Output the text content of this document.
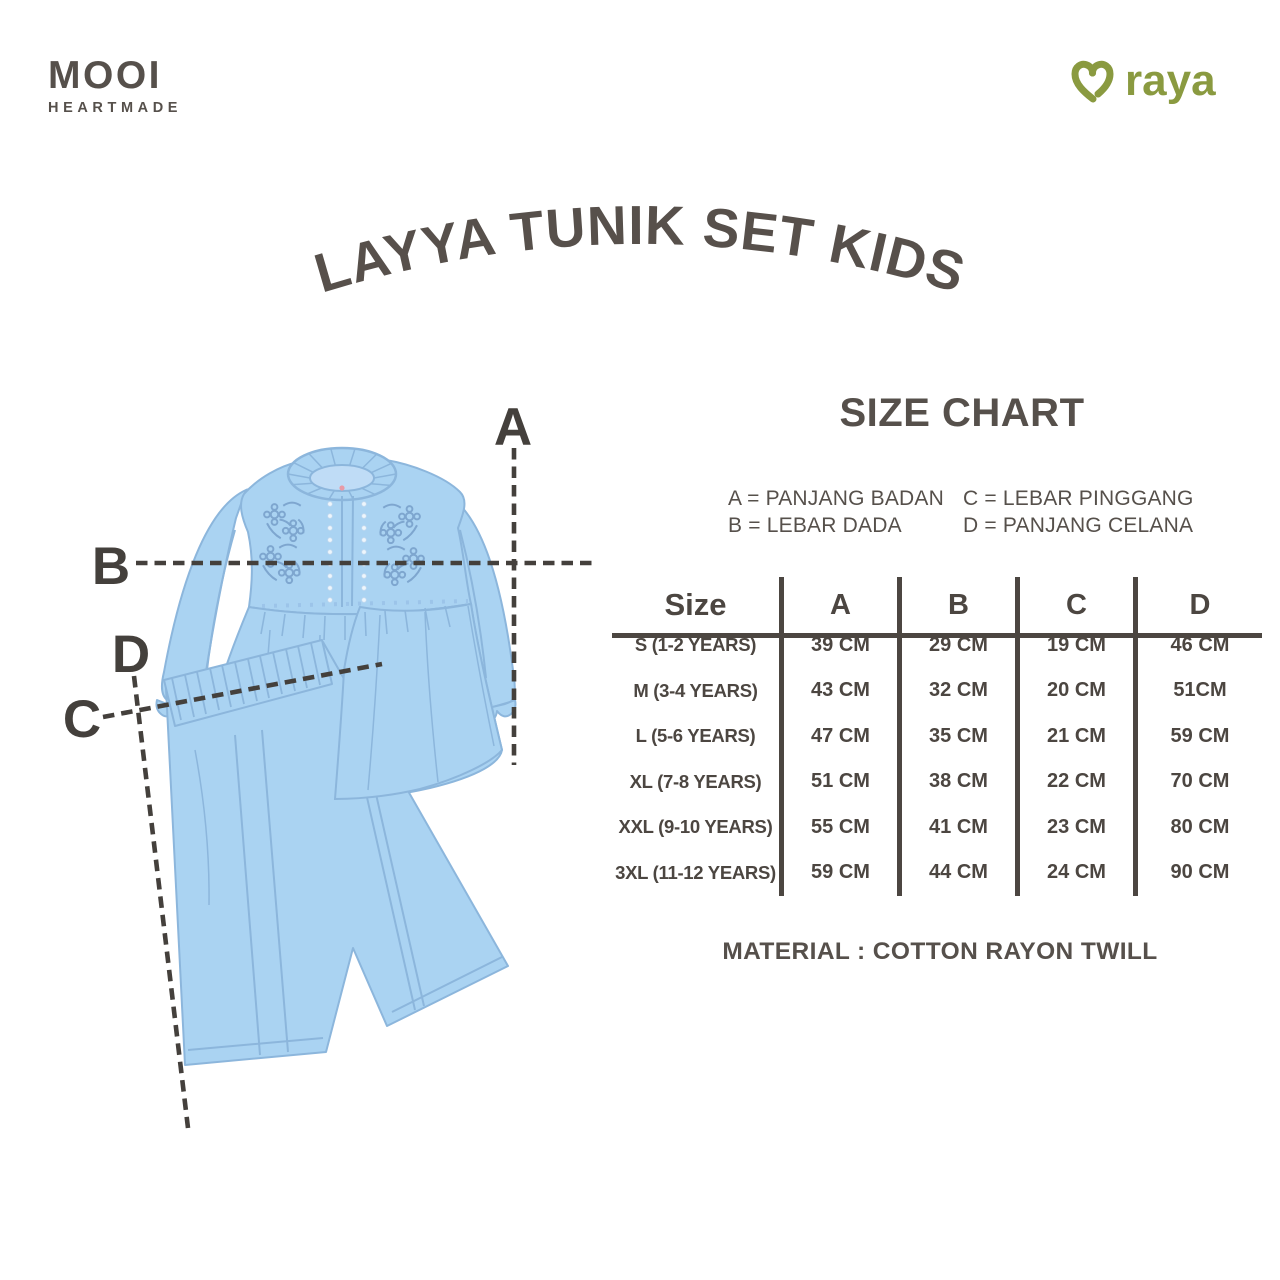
MOOI
HEARTMADE
raya
LAYYA TUNIK SET KIDS
SIZE CHART
A = PANJANG BADAN
B = LEBAR DADA
C = LEBAR PINGGANG
D = PANJANG CELANA
Size	A	B	C	D
S (1-2 YEARS)	39 CM	29 CM	19 CM	46 CM
M (3-4 YEARS)	43 CM	32 CM	20 CM	51CM
L (5-6 YEARS)	47 CM	35 CM	21 CM	59 CM
XL (7-8 YEARS)	51 CM	38 CM	22 CM	70 CM
XXL (9-10 YEARS)	55 CM	41 CM	23 CM	80 CM
3XL (11-12 YEARS)	59 CM	44 CM	24 CM	90 CM
MATERIAL : COTTON RAYON TWILL
A
B
C
D
